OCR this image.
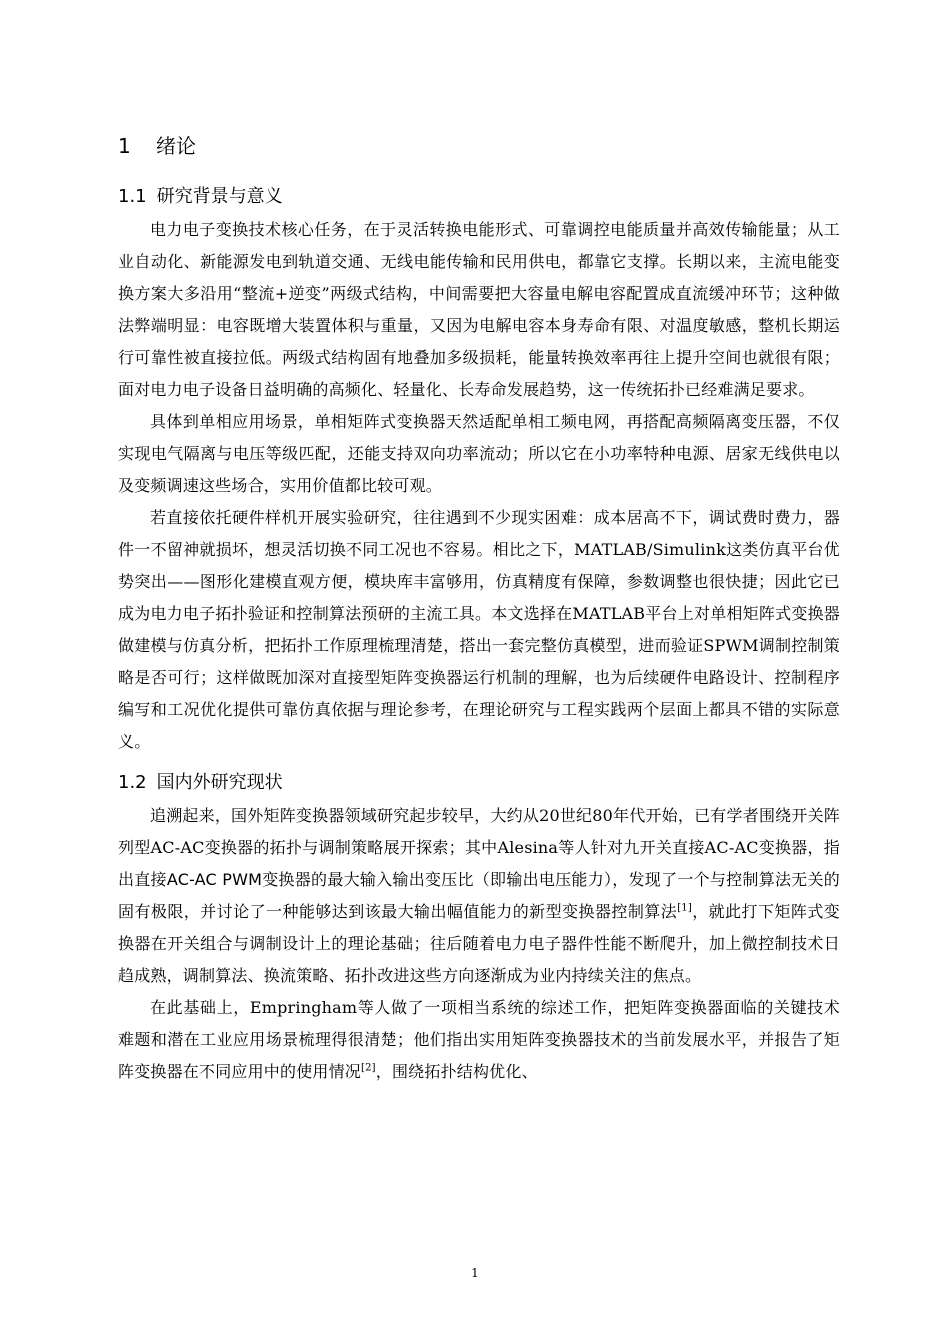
1 绪论
1.1 研究背景与意义

电力电子变换技术核心任务，在于灵活转换电能形式、可靠调控电能质量并高效传输能量；从工业自动化、新能源发电到轨道交通、无线电能传输和民用供电，都靠它支撑。长期以来，主流电能变换方案大多沿用“整流+逆变”两级式结构，中间需要把大容量电解电容配置成直流缓冲环节；这种做法弊端明显：电容既增大装置体积与重量，又因为电解电容本身寿命有限、对温度敏感，整机长期运行可靠性被直接拉低。两级式结构固有地叠加多级损耗，能量转换效率再往上提升空间也就很有限；面对电力电子设备日益明确的高频化、轻量化、长寿命发展趋势，这一传统拓扑已经难满足要求。

具体到单相应用场景，单相矩阵式变换器天然适配单相工频电网，再搭配高频隔离变压器，不仅实现电气隔离与电压等级匹配，还能支持双向功率流动；所以它在小功率特种电源、居家无线供电以及变频调速这些场合，实用价值都比较可观。

若直接依托硬件样机开展实验研究，往往遇到不少现实困难：成本居高不下，调试费时费力，器件一不留神就损坏，想灵活切换不同工况也不容易。相比之下，MATLAB/Simulink这类仿真平台优势突出——图形化建模直观方便，模块库丰富够用，仿真精度有保障，参数调整也很快捷；因此它已成为电力电子拓扑验证和控制算法预研的主流工具。本文选择在MATLAB平台上对单相矩阵式变换器做建模与仿真分析，把拓扑工作原理梳理清楚，搭出一套完整仿真模型，进而验证SPWM调制控制策略是否可行；这样做既加深对直接型矩阵变换器运行机制的理解，也为后续硬件电路设计、控制程序编写和工况优化提供可靠仿真依据与理论参考，在理论研究与工程实践两个层面上都具不错的实际意义。

1.2 国内外研究现状

追溯起来，国外矩阵变换器领域研究起步较早，大约从20世纪80年代开始，已有学者围绕开关阵列型AC-AC变换器的拓扑与调制策略展开探索；其中Alesina等人针对九开关直接AC-AC变换器，指出直接AC-AC PWM变换器的最大输入输出变压比（即输出电压能力），发现了一个与控制算法无关的固有极限，并讨论了一种能够达到该最大输出幅值能力的新型变换器控制算法[1]，就此打下矩阵式变换器在开关组合与调制设计上的理论基础；往后随着电力电子器件性能不断爬升，加上微控制技术日趋成熟，调制算法、换流策略、拓扑改进这些方向逐渐成为业内持续关注的焦点。

在此基础上，Empringham等人做了一项相当系统的综述工作，把矩阵变换器面临的关键技术难题和潜在工业应用场景梳理得很清楚；他们指出实用矩阵变换器技术的当前发展水平，并报告了矩阵变换器在不同应用中的使用情况[2]，围绕拓扑结构优化、

1
